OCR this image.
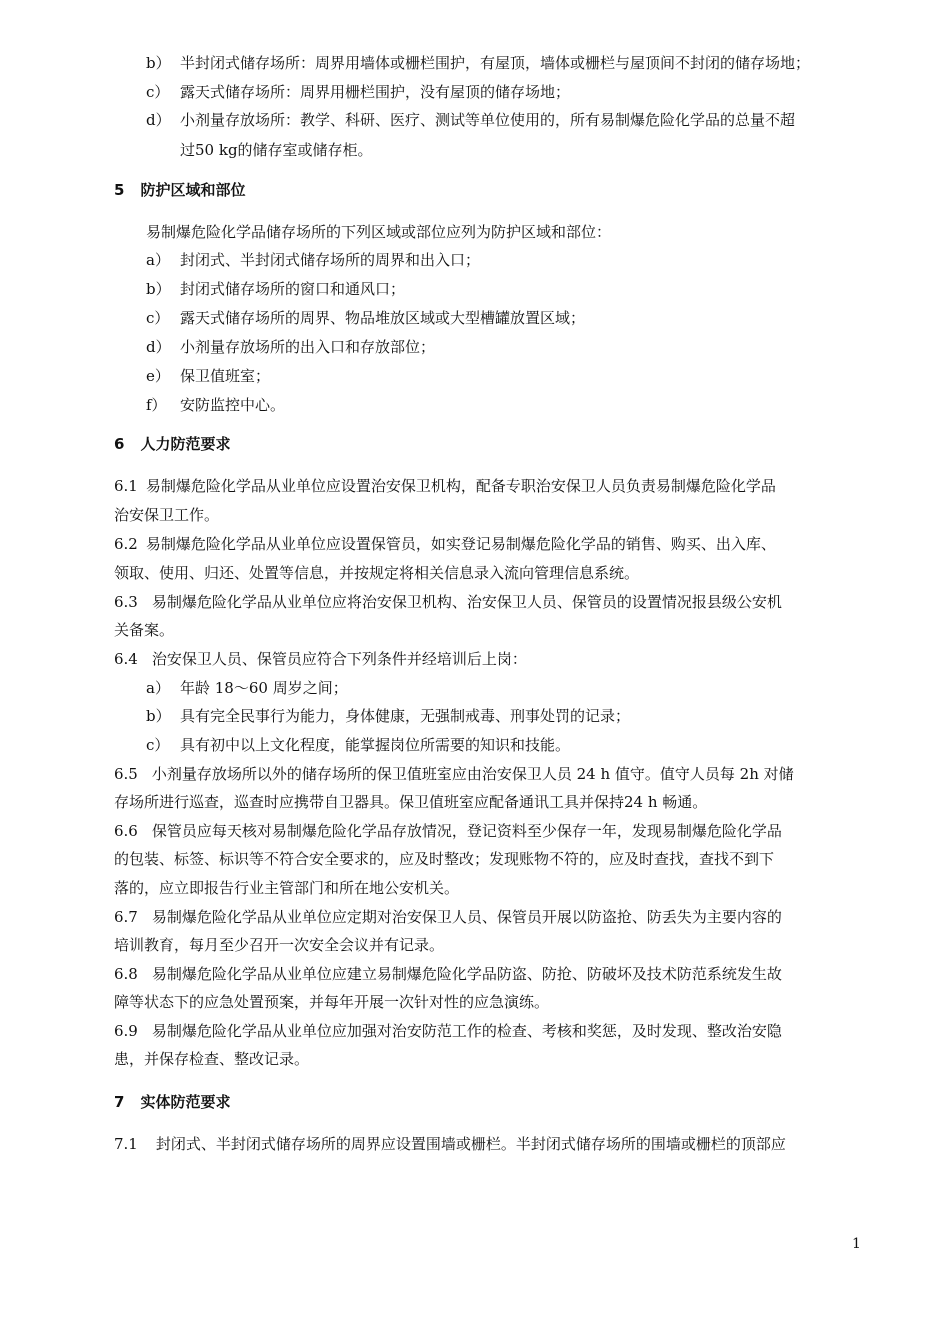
b） 半封闭式储存场所：周界用墙体或栅栏围护，有屋顶，墙体或栅栏与屋顶间不封闭的储存场地；
c） 露天式储存场所：周界用栅栏围护，没有屋顶的储存场地；
d） 小剂量存放场所：教学、科研、医疗、测试等单位使用的，所有易制爆危险化学品的总量不超
过50 kg的储存室或储存柜。
5 防护区域和部位
易制爆危险化学品储存场所的下列区域或部位应列为防护区域和部位：
a） 封闭式、半封闭式储存场所的周界和出入口；
b） 封闭式储存场所的窗口和通风口；
c） 露天式储存场所的周界、物品堆放区域或大型槽罐放置区域；
d） 小剂量存放场所的出入口和存放部位；
e） 保卫值班室；
f） 安防监控中心。
6 人力防范要求
6.1 易制爆危险化学品从业单位应设置治安保卫机构，配备专职治安保卫人员负责易制爆危险化学品
治安保卫工作。
6.2 易制爆危险化学品从业单位应设置保管员，如实登记易制爆危险化学品的销售、购买、出入库、
领取、使用、归还、处置等信息，并按规定将相关信息录入流向管理信息系统。
6.3 易制爆危险化学品从业单位应将治安保卫机构、治安保卫人员、保管员的设置情况报县级公安机
关备案。
6.4 治安保卫人员、保管员应符合下列条件并经培训后上岗：
a） 年龄 18～60 周岁之间；
b） 具有完全民事行为能力，身体健康，无强制戒毒、刑事处罚的记录；
c） 具有初中以上文化程度，能掌握岗位所需要的知识和技能。
6.5 小剂量存放场所以外的储存场所的保卫值班室应由治安保卫人员 24 h 值守。值守人员每 2h 对储
存场所进行巡查，巡查时应携带自卫器具。保卫值班室应配备通讯工具并保持24 h 畅通。
6.6 保管员应每天核对易制爆危险化学品存放情况，登记资料至少保存一年，发现易制爆危险化学品
的包装、标签、标识等不符合安全要求的，应及时整改；发现账物不符的，应及时查找，查找不到下
落的，应立即报告行业主管部门和所在地公安机关。
6.7 易制爆危险化学品从业单位应定期对治安保卫人员、保管员开展以防盗抢、防丢失为主要内容的
培训教育，每月至少召开一次安全会议并有记录。
6.8 易制爆危险化学品从业单位应建立易制爆危险化学品防盗、防抢、防破坏及技术防范系统发生故
障等状态下的应急处置预案，并每年开展一次针对性的应急演练。
6.9 易制爆危险化学品从业单位应加强对治安防范工作的检查、考核和奖惩，及时发现、整改治安隐
患，并保存检查、整改记录。
7 实体防范要求
7.1 封闭式、半封闭式储存场所的周界应设置围墙或栅栏。半封闭式储存场所的围墙或栅栏的顶部应
1
